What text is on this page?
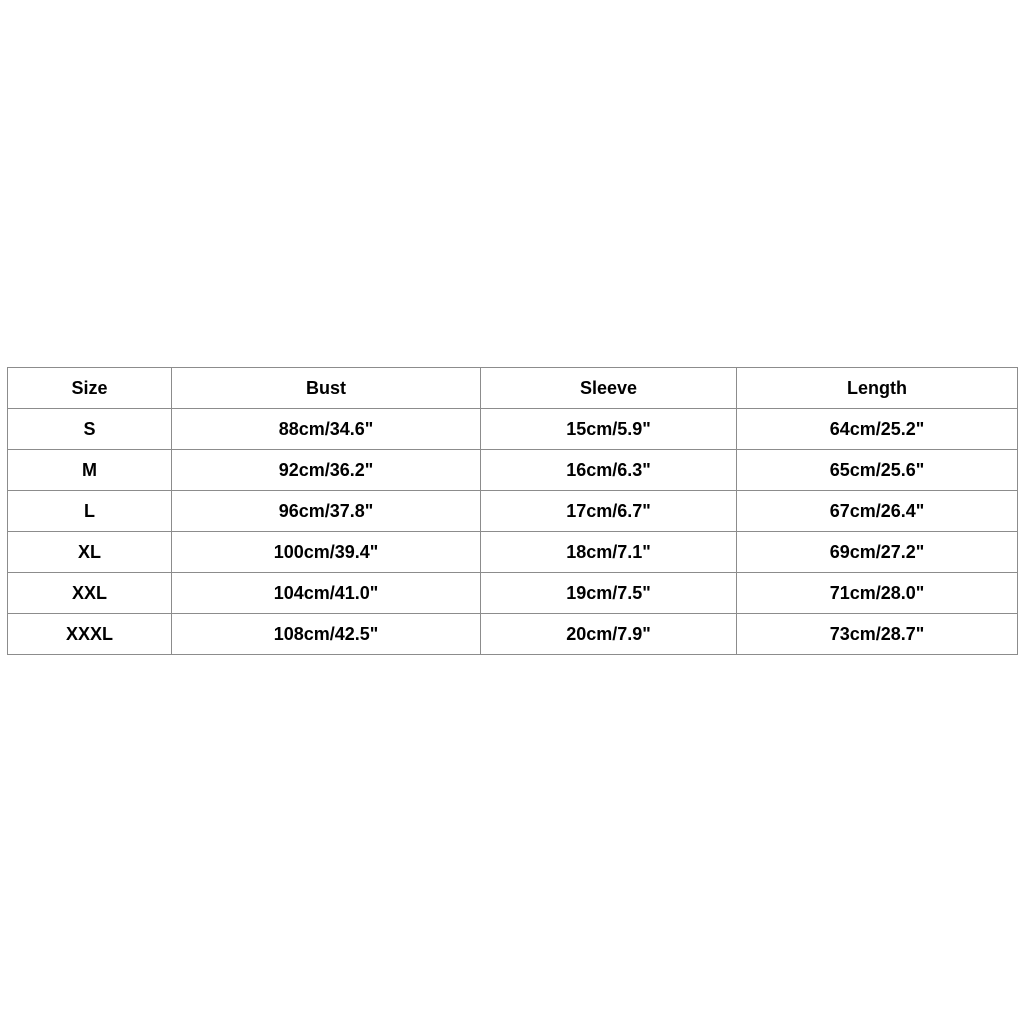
Size	Bust	Sleeve	Length
S	88cm/34.6"	15cm/5.9"	64cm/25.2"
M	92cm/36.2"	16cm/6.3"	65cm/25.6"
L	96cm/37.8"	17cm/6.7"	67cm/26.4"
XL	100cm/39.4"	18cm/7.1"	69cm/27.2"
XXL	104cm/41.0"	19cm/7.5"	71cm/28.0"
XXXL	108cm/42.5"	20cm/7.9"	73cm/28.7"
